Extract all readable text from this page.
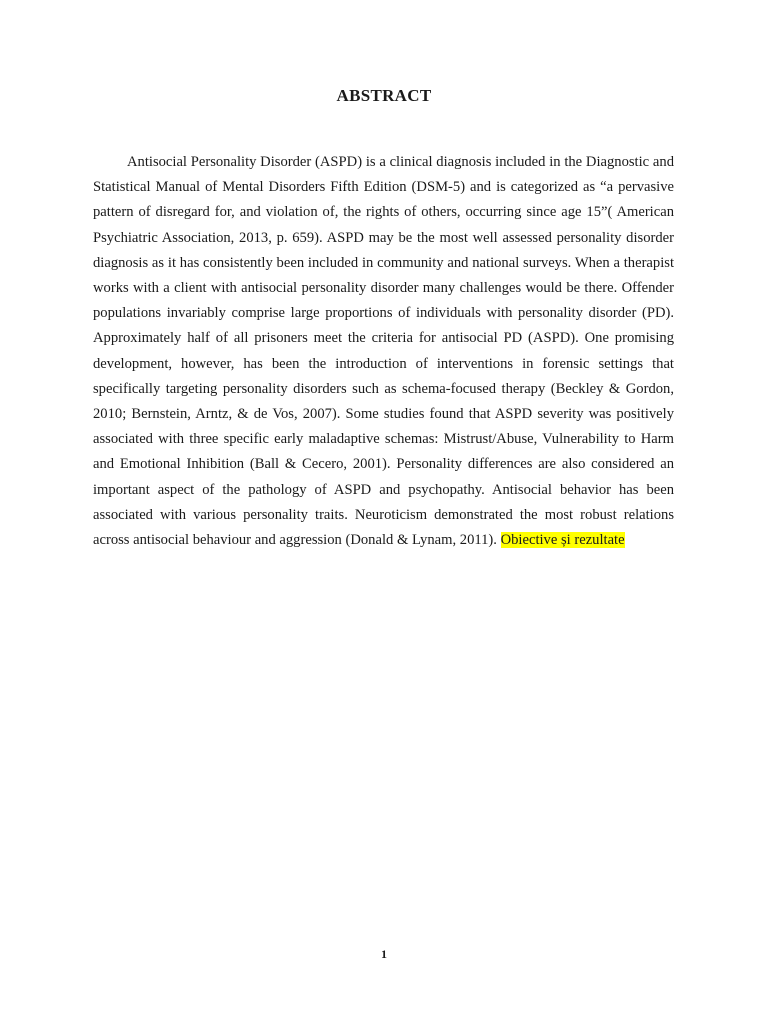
ABSTRACT

Antisocial Personality Disorder (ASPD) is a clinical diagnosis included in the Diagnostic and Statistical Manual of Mental Disorders Fifth Edition (DSM-5) and is categorized as “a pervasive pattern of disregard for, and violation of, the rights of others, occurring since age 15”( American Psychiatric Association, 2013, p. 659). ASPD may be the most well assessed personality disorder diagnosis as it has consistently been included in community and national surveys. When a therapist works with a client with antisocial personality disorder many challenges would be there. Offender populations invariably comprise large proportions of individuals with personality disorder (PD). Approximately half of all prisoners meet the criteria for antisocial PD (ASPD). One promising development, however, has been the introduction of interventions in forensic settings that specifically targeting personality disorders such as schema-focused therapy (Beckley & Gordon, 2010; Bernstein, Arntz, & de Vos, 2007). Some studies found that ASPD severity was positively associated with three specific early maladaptive schemas: Mistrust/Abuse, Vulnerability to Harm and Emotional Inhibition (Ball & Cecero, 2001). Personality differences are also considered an important aspect of the pathology of ASPD and psychopathy. Antisocial behavior has been associated with various personality traits. Neuroticism demonstrated the most robust relations across antisocial behaviour and aggression (Donald & Lynam, 2011). Obiective și rezultate

1
